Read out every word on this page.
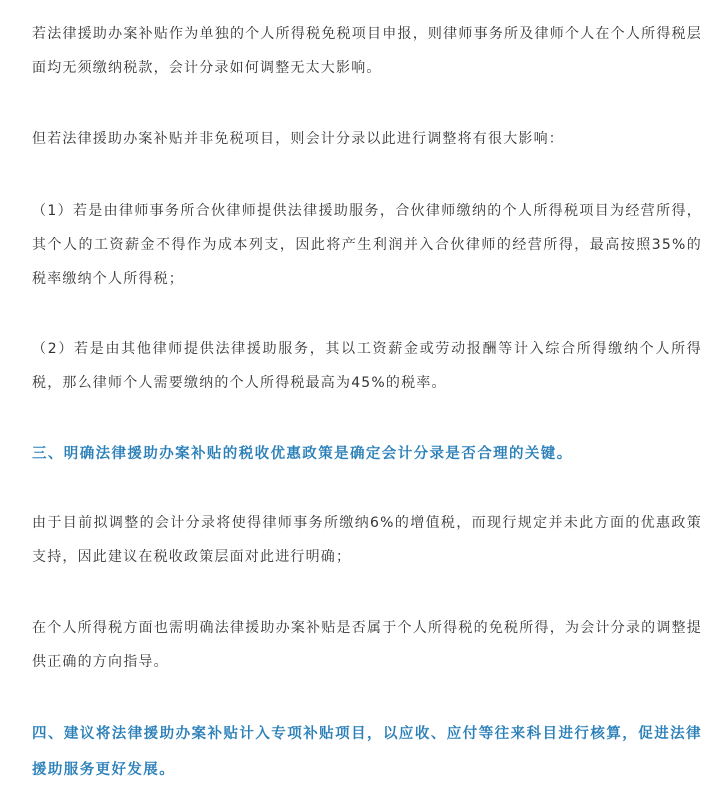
若法律援助办案补贴作为单独的个人所得税免税项目申报，则律师事务所及律师个人在个人所得税层面均无须缴纳税款，会计分录如何调整无太大影响。

但若法律援助办案补贴并非免税项目，则会计分录以此进行调整将有很大影响：

（1）若是由律师事务所合伙律师提供法律援助服务，合伙律师缴纳的个人所得税项目为经营所得，其个人的工资薪金不得作为成本列支，因此将产生利润并入合伙律师的经营所得，最高按照35%的税率缴纳个人所得税；

（2）若是由其他律师提供法律援助服务，其以工资薪金或劳动报酬等计入综合所得缴纳个人所得税，那么律师个人需要缴纳的个人所得税最高为45%的税率。

三、明确法律援助办案补贴的税收优惠政策是确定会计分录是否合理的关键。

由于目前拟调整的会计分录将使得律师事务所缴纳6%的增值税，而现行规定并未此方面的优惠政策支持，因此建议在税收政策层面对此进行明确；

在个人所得税方面也需明确法律援助办案补贴是否属于个人所得税的免税所得，为会计分录的调整提供正确的方向指导。

四、建议将法律援助办案补贴计入专项补贴项目，以应收、应付等往来科目进行核算，促进法律援助服务更好发展。
